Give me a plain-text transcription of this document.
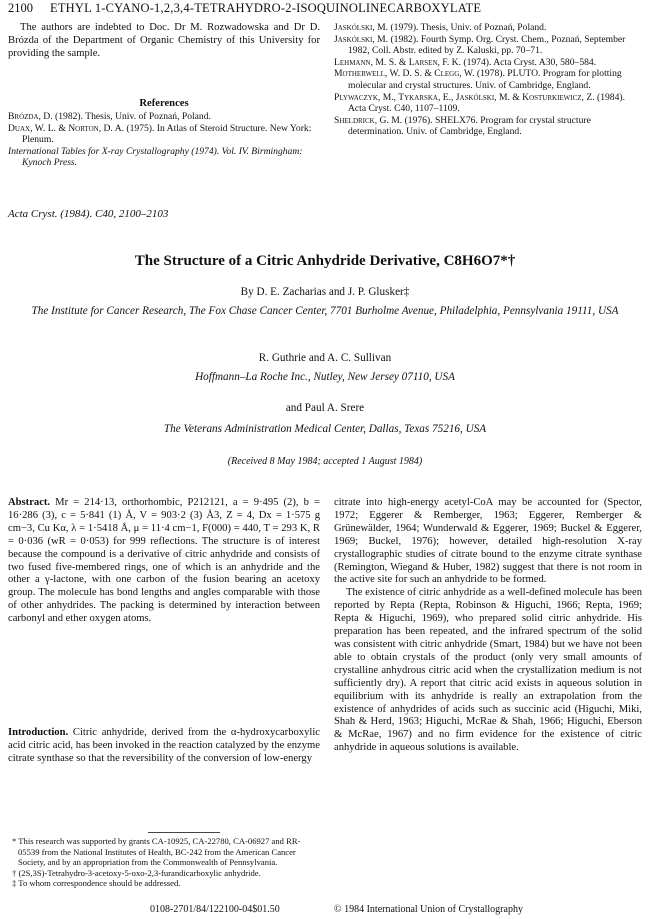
2100 ETHYL 1-CYANO-1,2,3,4-TETRAHYDRO-2-ISOQUINOLINECARBOXYLATE
The authors are indebted to Doc. Dr M. Rozwadowska and Dr D. Brózda of the Department of Organic Chemistry of this University for providing the sample.
References
Brózda, D. (1982). Thesis, Univ. of Poznań, Poland.
Duax, W. L. & Norton, D. A. (1975). In Atlas of Steroid Structure. New York: Plenum.
International Tables for X-ray Crystallography (1974). Vol. IV. Birmingham: Kynoch Press.
Jaskólski, M. (1979). Thesis, Univ. of Poznań, Poland.
Jaskólski, M. (1982). Fourth Symp. Org. Cryst. Chem., Poznań, September 1982, Coll. Abstr. edited by Z. Kaluski, pp. 70–71.
Lehmann, M. S. & Larsen, F. K. (1974). Acta Cryst. A30, 580–584.
Motherwell, W. D. S. & Clegg, W. (1978). PLUTO. Program for plotting molecular and crystal structures. Univ. of Cambridge, England.
Plywaczyk, M., Tykarska, E., Jaskólski, M. & Kosturkiewicz, Z. (1984). Acta Cryst. C40, 1107–1109.
Sheldrick, G. M. (1976). SHELX76. Program for crystal structure determination. Univ. of Cambridge, England.
Acta Cryst. (1984). C40, 2100–2103
The Structure of a Citric Anhydride Derivative, C8H6O7*†
By D. E. Zacharias and J. P. Glusker‡
The Institute for Cancer Research, The Fox Chase Cancer Center, 7701 Burholme Avenue, Philadelphia, Pennsylvania 19111, USA
R. Guthrie and A. C. Sullivan
Hoffmann–La Roche Inc., Nutley, New Jersey 07110, USA
and Paul A. Srere
The Veterans Administration Medical Center, Dallas, Texas 75216, USA
(Received 8 May 1984; accepted 1 August 1984)
Abstract. Mr = 214·13, orthorhombic, P212121, a = 9·495 (2), b = 16·286 (3), c = 5·841 (1) Å, V = 903·2 (3) Å3, Z = 4, Dx = 1·575 g cm−3, Cu Kα, λ = 1·5418 Å, μ = 11·4 cm−1, F(000) = 440, T = 293 K, R = 0·036 (wR = 0·053) for 999 reflections. The structure is of interest because the compound is a derivative of citric anhydride and consists of two fused five-membered rings, one of which is an anhydride and the other a γ-lactone, with one carbon of the fusion bearing an acetoxy group. The molecule has bond lengths and angles comparable with those of other anhydrides. The packing is determined by interaction between carbonyl and ether oxygen atoms.
Introduction. Citric anhydride, derived from the α-hydroxycarboxylic acid citric acid, has been invoked in the reaction catalyzed by the enzyme citrate synthase so that the reversibility of the conversion of low-energy

citrate into high-energy acetyl-CoA may be accounted for (Spector, 1972; Eggerer & Remberger, 1963; Eggerer, Remberger & Grünewälder, 1964; Wunderwald & Eggerer, 1969; Buckel & Eggerer, 1969; Buckel, 1976); however, detailed high-resolution X-ray crystallographic studies of citrate bound to the enzyme citrate synthase (Remington, Wiegand & Huber, 1982) suggest that there is not room in the active site for such an anhydride to be formed.

The existence of citric anhydride as a well-defined molecule has been reported by Repta (Repta, Robinson & Higuchi, 1966; Repta, 1969; Repta & Higuchi, 1969), who prepared solid citric anhydride. His preparation has been repeated, and the infrared spectrum of the solid was consistent with citric anhydride (Smart, 1984) but we have not been able to obtain crystals of the product (only very small amounts of crystalline anhydrous citric acid when the crystallization medium is not sufficiently dry). A report that citric acid exists in aqueous solution in equilibrium with its anhydride is really an extrapolation from the existence of anhydrides of acids such as succinic acid (Higuchi, Miki, Shah & Herd, 1963; Higuchi, McRae & Shah, 1966; Higuchi, Eberson & McRae, 1967) and no firm evidence for the existence of citric anhydride in aqueous solutions is available.

* This research was supported by grants CA-10925, CA-22780, CA-06927 and RR-05539 from the National Institutes of Health, BC-242 from the American Cancer Society, and by an appropriation from the Commonwealth of Pennsylvania.

† (2S,3S)-Tetrahydro-3-acetoxy-5-oxo-2,3-furandicarboxylic anhydride.

‡ To whom correspondence should be addressed.

0108-2701/84/122100-04$01.50	© 1984 International Union of Crystallography
